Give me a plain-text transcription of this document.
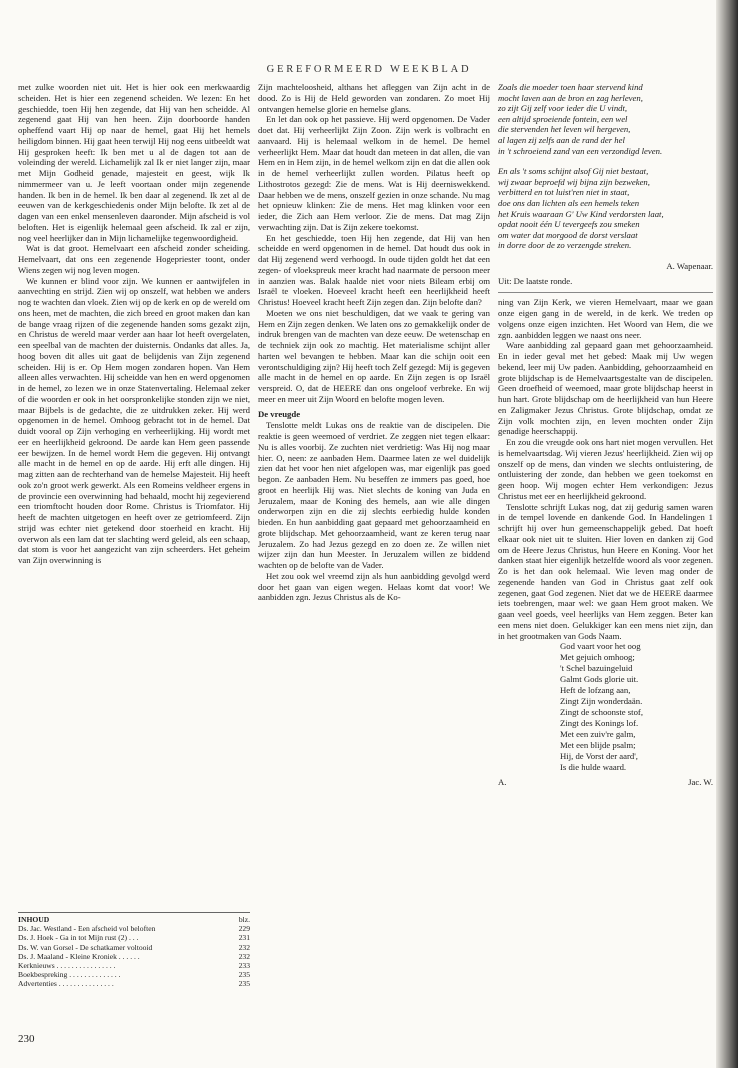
GEREFORMEERD WEEKBLAD

met zulke woorden niet uit. Het is hier ook een merkwaardig scheiden. Het is hier een zegenend scheiden. We lezen: En het geschiedde, toen Hij hen zegende, dat Hij van hen scheidde. Al zegenend gaat Hij van hen heen. Zijn doorboorde handen opheffend vaart Hij op naar de hemel, gaat Hij het hemels heiligdom binnen. Hij gaat heen terwijl Hij nog eens uitbeeldt wat Hij gesproken heeft: Ik ben met u al de dagen tot aan de voleinding der wereld. Lichamelijk zal Ik er niet langer zijn, maar met Mijn Godheid genade, majesteit en geest, wijk Ik nimmermeer van u. Je leeft voortaan onder mijn zegenende handen. Ik ben in de hemel. Ik ben daar al zegenend. Ik zet al de eeuwen van de kerkgeschiedenis onder Mijn belofte. Ik zet al de dagen van een enkel mensenleven daaronder. Mijn afscheid is vol beloften. Het is eigenlijk helemaal geen afscheid. Ik zal er zijn, nog veel heerlijker dan in Mijn lichamelijke tegenwoordigheid.

Wat is dat groot. Hemelvaart een afscheid zonder scheiding. Hemelvaart, dat ons een zegenende Hogepriester toont, onder Wiens zegen wij nog leven mogen.

We kunnen er blind voor zijn. We kunnen er aantwijfelen in aanvechting en strijd. Zien wij op onszelf, wat hebben we anders nog te wachten dan vloek. Zien wij op de kerk en op de wereld om ons heen, met de machten, die zich breed en groot maken dan kan de bange vraag rijzen of die zegenende handen soms gezakt zijn, en Christus de wereld maar verder aan haar lot heeft overgelaten, een speelbal van de machten der duisternis. Ondanks dat alles. Ja, hoog boven dit alles uit gaat de belijdenis van Zijn zegenend scheiden. Hij is er. Op Hem mogen zondaren hopen. Van Hem alleen alles verwachten. Hij scheidde van hen en werd opgenomen in de hemel, zo lezen we in onze Statenvertaling. Helemaal zeker of die woorden er ook in het oorspronkelijke stonden zijn we niet, maar Bijbels is de gedachte, die ze uitdrukken zeker. Hij werd opgenomen in de hemel. Omhoog gebracht tot in de hemel. Dat duidt vooral op Zijn verhoging en verheerlijking. Hij wordt met eer en heerlijkheid gekroond. De aarde kan Hem geen passende eer bewijzen. In de hemel wordt Hem die gegeven. Hij ontvangt alle macht in de hemel en op de aarde. Hij erft alle dingen. Hij mag zitten aan de rechterhand van de hemelse Majesteit. Hij heeft ook zo'n groot werk gewerkt. Als een Romeins veldheer ergens in de provincie een overwinning had behaald, mocht hij zegevierend een triomftocht houden door Rome. Christus is Triomfator. Hij heeft de machten uitgetogen en heeft over ze getriomfeerd. Zijn strijd was echter niet getekend door stoerheid en kracht. Hij overwon als een lam dat ter slachting werd geleid, als een schaap, dat stom is voor het aangezicht van zijn scheerders. Het geheim van Zijn overwinning is

INHOUD	blz.
Ds. Jac. Westland - Een afscheid vol beloften	229
Ds. J. Hoek - Ga in tot Mijn rust (2) . . .	231
Ds. W. van Gorsel - De schatkamer voltooid	232
Ds. J. Maaland - Kleine Kroniek . . . . . .	232
Kerknieuws . . . . . . . . . . . . . . . .	233
Boekbespreking . . . . . . . . . . . . . .	235
Advertenties . . . . . . . . . . . . . . .	235
230

Zijn machteloosheid, althans het afleggen van Zijn acht in de dood. Zo is Hij de Held geworden van zondaren. Zo moet Hij ontvangen hemelse glorie en hemelse glans.

En let dan ook op het passieve. Hij werd opgenomen. De Vader doet dat. Hij verheerlijkt Zijn Zoon. Zijn werk is volbracht en aanvaard. Hij is helemaal welkom in de hemel. De hemel verheerlijkt Hem. Maar dat houdt dan meteen in dat allen, die van Hem en in Hem zijn, in de hemel welkom zijn en dat die allen ook in de hemel verheerlijkt zullen worden. Pilatus heeft op Lithostrotos gezegd: Zie de mens. Wat is Hij deerniswekkend. Daar hebben we de mens, onszelf gezien in onze schande. Nu mag het opnieuw klinken: Zie de mens. Het mag klinken voor een ieder, die Zich aan Hem verloor. Zie de mens. Dat mag Zijn verwachting zijn. Dat is Zijn zekere toekomst.

En het geschiedde, toen Hij hen zegende, dat Hij van hen scheidde en werd opgenomen in de hemel. Dat houdt dus ook in dat Hij zegenend werd verhoogd. In oude tijden goldt het dat een zegen- of vloekspreuk meer kracht had naarmate de persoon meer in aanzien was. Balak haalde niet voor niets Bileam erbij om Israël te vloeken. Hoeveel kracht heeft een heerlijkheid heeft Christus! Hoeveel kracht heeft Zijn zegen dan. Zijn belofte dan?

Moeten we ons niet beschuldigen, dat we vaak te gering van Hem en Zijn zegen denken. We laten ons zo gemakkelijk onder de indruk brengen van de machten van deze eeuw. De wetenschap en de techniek zijn ook zo machtig. Het materialisme schijnt aller harten wel bevangen te hebben. Maar kan die schijn ooit een verontschuldiging zijn? Hij heeft toch Zelf gezegd: Mij is gegeven alle macht in de hemel en op aarde. En Zijn zegen is op Israël verspreid. O, dat de HEERE dan ons ongeloof verbreke. En wij meer en meer uit Zijn Woord en belofte mogen leven.

De vreugde

Tenslotte meldt Lukas ons de reaktie van de discipelen. Die reaktie is geen weemoed of verdriet. Ze zeggen niet tegen elkaar: Nu is alles voorbij. Ze zuchten niet verdrietig: Was Hij nog maar hier. O, neen: ze aanbaden Hem. Daarmee laten ze wel duidelijk zien dat het voor hen niet afgelopen was, mar eigenlijk pas goed begon. Ze aanbaden Hem. Nu beseffen ze immers pas goed, hoe groot en heerlijk Hij was. Niet slechts de koning van Juda en Jeruzalem, maar de Koning des hemels, aan wie alle dingen onderworpen zijn en die zij slechts eerbiedig hulde konden bieden. En hun aanbidding gaat gepaard met gehoorzaamheid en grote blijdschap. Met gehoorzaamheid, want ze keren terug naar Jeruzalem. Zo had Jezus gezegd en zo doen ze. Ze willen niet wijzer zijn dan hun Meester. In Jeruzalem willen ze biddend wachten op de belofte van de Vader.

Het zou ook wel vreemd zijn als hun aanbidding gevolgd werd door het gaan van eigen wegen. Helaas komt dat voor! We aanbidden zgn. Jezus Christus als de Ko-

Zoals die moeder toen haar stervend kind
mocht laven aan de bron en zag herleven,
zo zijt Gij zelf voor ieder die U vindt,
een altijd sproeiende fontein, een wel
die stervenden het leven wil hergeven,
al lagen zij zelfs aan de rand der hel
in 't schroeiend zand van een verzondigd leven.
En als 't soms schijnt alsof Gij niet bestaat,
wij zwaar beproefd wij bijna zijn bezweken,
verbitterd en tot luist'ren niet in staat,
doe ons dan lichten als een hemels teken
het Kruis waaraan G' Uw Kind verdorsten laat,
opdat nooit één U tevergeefs zou smeken
om water dat morgood de dorst verslaat
in dorre door de zo verzengde streken.
A. Wapenaar.
Uit: De laatste ronde.

ning van Zijn Kerk, we vieren Hemelvaart, maar we gaan onze eigen gang in de wereld, in de kerk. We treden op volgens onze eigen inzichten. Het Woord van Hem, die we zgn. aanbidden leggen we naast ons neer.

Ware aanbidding zal gepaard gaan met gehoorzaamheid. En in ieder geval met het gebed: Maak mij Uw wegen bekend, leer mij Uw paden. Aanbidding, gehoorzaamheid en grote blijdschap is de Hemelvaartsgestalte van de discipelen. Geen droefheid of weemoed, maar grote blijdschap heerst in hun hart. Grote blijdschap om de heerlijkheid van hun Heere en Zaligmaker Jezus Christus. Grote blijdschap, omdat ze Zijn volk mochten zijn, en leven mochten onder Zijn genadige heerschappij.

En zou die vreugde ook ons hart niet mogen vervullen. Het is hemelvaartsdag. Wij vieren Jezus' heerlijkheid. Zien wij op onszelf op de mens, dan vinden we slechts ontluistering, de ontluistering der zonde, dan hebben we geen toekomst en geen hoop. Wij mogen echter Hem verkondigen: Jezus Christus met eer en heerlijkheid gekroond.

Tenslotte schrijft Lukas nog, dat zij gedurig samen waren in de tempel lovende en dankende God. In Handelingen 1 schrijft hij over hun gemeenschappelijk gebed. Dat hoeft elkaar ook niet uit te sluiten. Hier loven en danken zij God om de Heere Jezus Christus, hun Heere en Koning. Voor het danken staat hier eigenlijk hetzelfde woord als voor zegenen. Zo is het dan ook helemaal. Wie leven mag onder de zegenende handen van God in Christus gaat zelf ook zegenen, gaat God zegenen. Niet dat we de HEERE daarmee iets toebrengen, maar wel: we gaan Hem groot maken. We gaan veel goeds, veel heerlijks van Hem zeggen. Beter kan een mens niet doen. Gelukkiger kan een mens niet zijn, dan in het grootmaken van Gods Naam.

God vaart voor het oog
Met gejuich omhoog;
't Schel bazuingeluid
Galmt Gods glorie uit.
Heft de lofzang aan,
Zingt Zijn wonderdaän.
Zingt de schoonste stof,
Zingt des Konings lof.
Met een zuiv're galm,
Met een blijde psalm;
Hij, de Vorst der aard',
Is die hulde waard.
A.	Jac. W.
